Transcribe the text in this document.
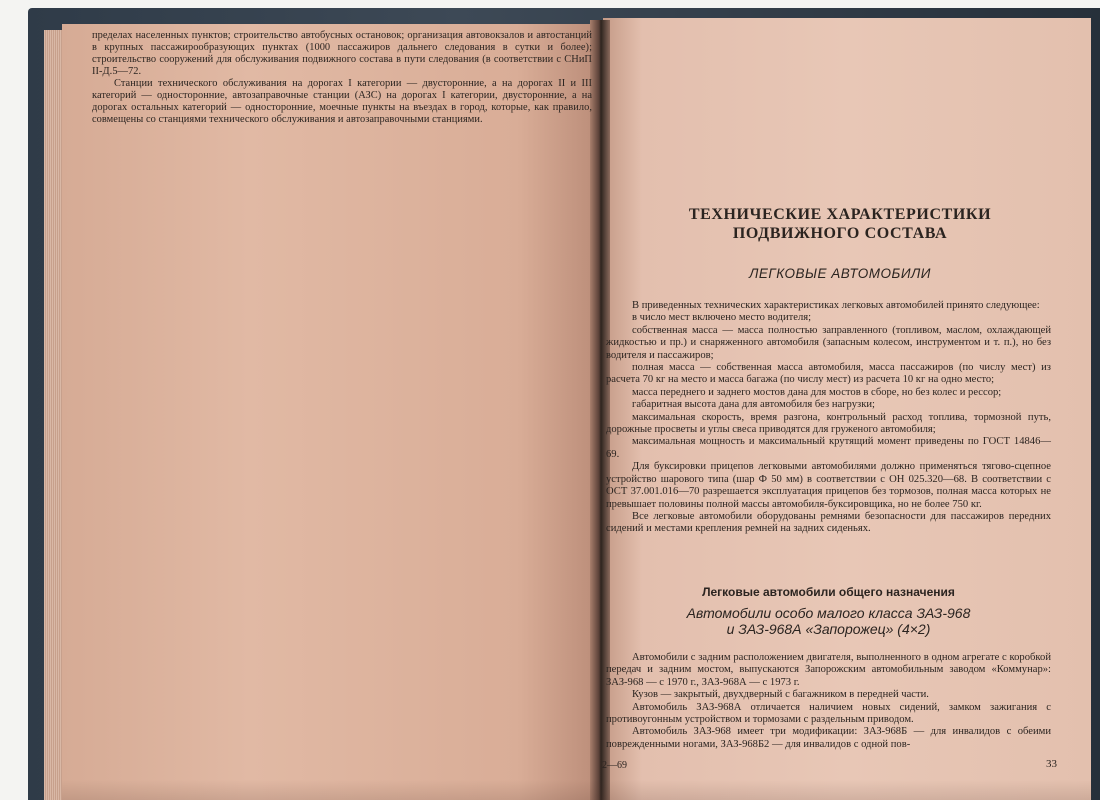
пределах населенных пунктов; строительство автобусных остановок; организация автовокзалов и автостанций в крупных пассажирообразующих пунктах (1000 пассажиров дальнего следования в сутки и более); строительство сооружений для обслуживания подвижного состава в пути следования (в соответствии с СНиП II-Д.5—72.

Станции технического обслуживания на дорогах I категории — двусторонние, а на дорогах II и III категорий — односторонние, автозаправочные станции (АЗС) на дорогах I категории, двусторонние, а на дорогах остальных категорий — односторонние, моечные пункты на въездах в город, которые, как правило, совмещены со станциями технического обслуживания и автозаправочными станциями.

ТЕХНИЧЕСКИЕ ХАРАКТЕРИСТИКИ
ПОДВИЖНОГО СОСТАВА
ЛЕГКОВЫЕ АВТОМОБИЛИ

В приведенных технических характеристиках легковых автомобилей принято следующее:

в число мест включено место водителя;

собственная масса — масса полностью заправленного (топливом, маслом, охлаждающей жидкостью и пр.) и снаряженного автомобиля (запасным колесом, инструментом и т. п.), но без водителя и пассажиров;

полная масса — собственная масса автомобиля, масса пассажиров (по числу мест) из расчета 70 кг на место и масса багажа (по числу мест) из расчета 10 кг на одно место;

масса переднего и заднего мостов дана для мостов в сборе, но без колес и рессор;

габаритная высота дана для автомобиля без нагрузки;

максимальная скорость, время разгона, контрольный расход топлива, тормозной путь, дорожные просветы и углы свеса приводятся для груженого автомобиля;

максимальная мощность и максимальный крутящий момент приведены по ГОСТ 14846—69.

Для буксировки прицепов легковыми автомобилями должно применяться тягово-сцепное устройство шарового типа (шар Ф 50 мм) в соответствии с ОН 025.320—68. В соответствии с ОСТ 37.001.016—70 разрешается эксплуатация прицепов без тормозов, полная масса которых не превышает половины полной массы автомобиля-буксировщика, но не более 750 кг.

Все легковые автомобили оборудованы ремнями безопасности для пассажиров передних сидений и местами крепления ремней на задних сиденьях.

Легковые автомобили общего назначения
Автомобили особо малого класса ЗАЗ-968
и ЗАЗ-968А «Запорожец» (4×2)

Автомобили с задним расположением двигателя, выполненного в одном агрегате с коробкой передач и задним мостом, выпускаются Запорожским автомобильным заводом «Коммунар»: ЗАЗ-968 — с 1970 г., ЗАЗ-968А — с 1973 г.

Кузов — закрытый, двухдверный с багажником в передней части.

Автомобиль ЗАЗ-968А отличается наличием новых сидений, замком зажигания с противоугонным устройством и тормозами с раздельным приводом.

Автомобиль ЗАЗ-968 имеет три модификации: ЗАЗ-968Б — для инвалидов с обеими поврежденными ногами, ЗАЗ-968Б2 — для инвалидов с одной пов-

2—69	33
